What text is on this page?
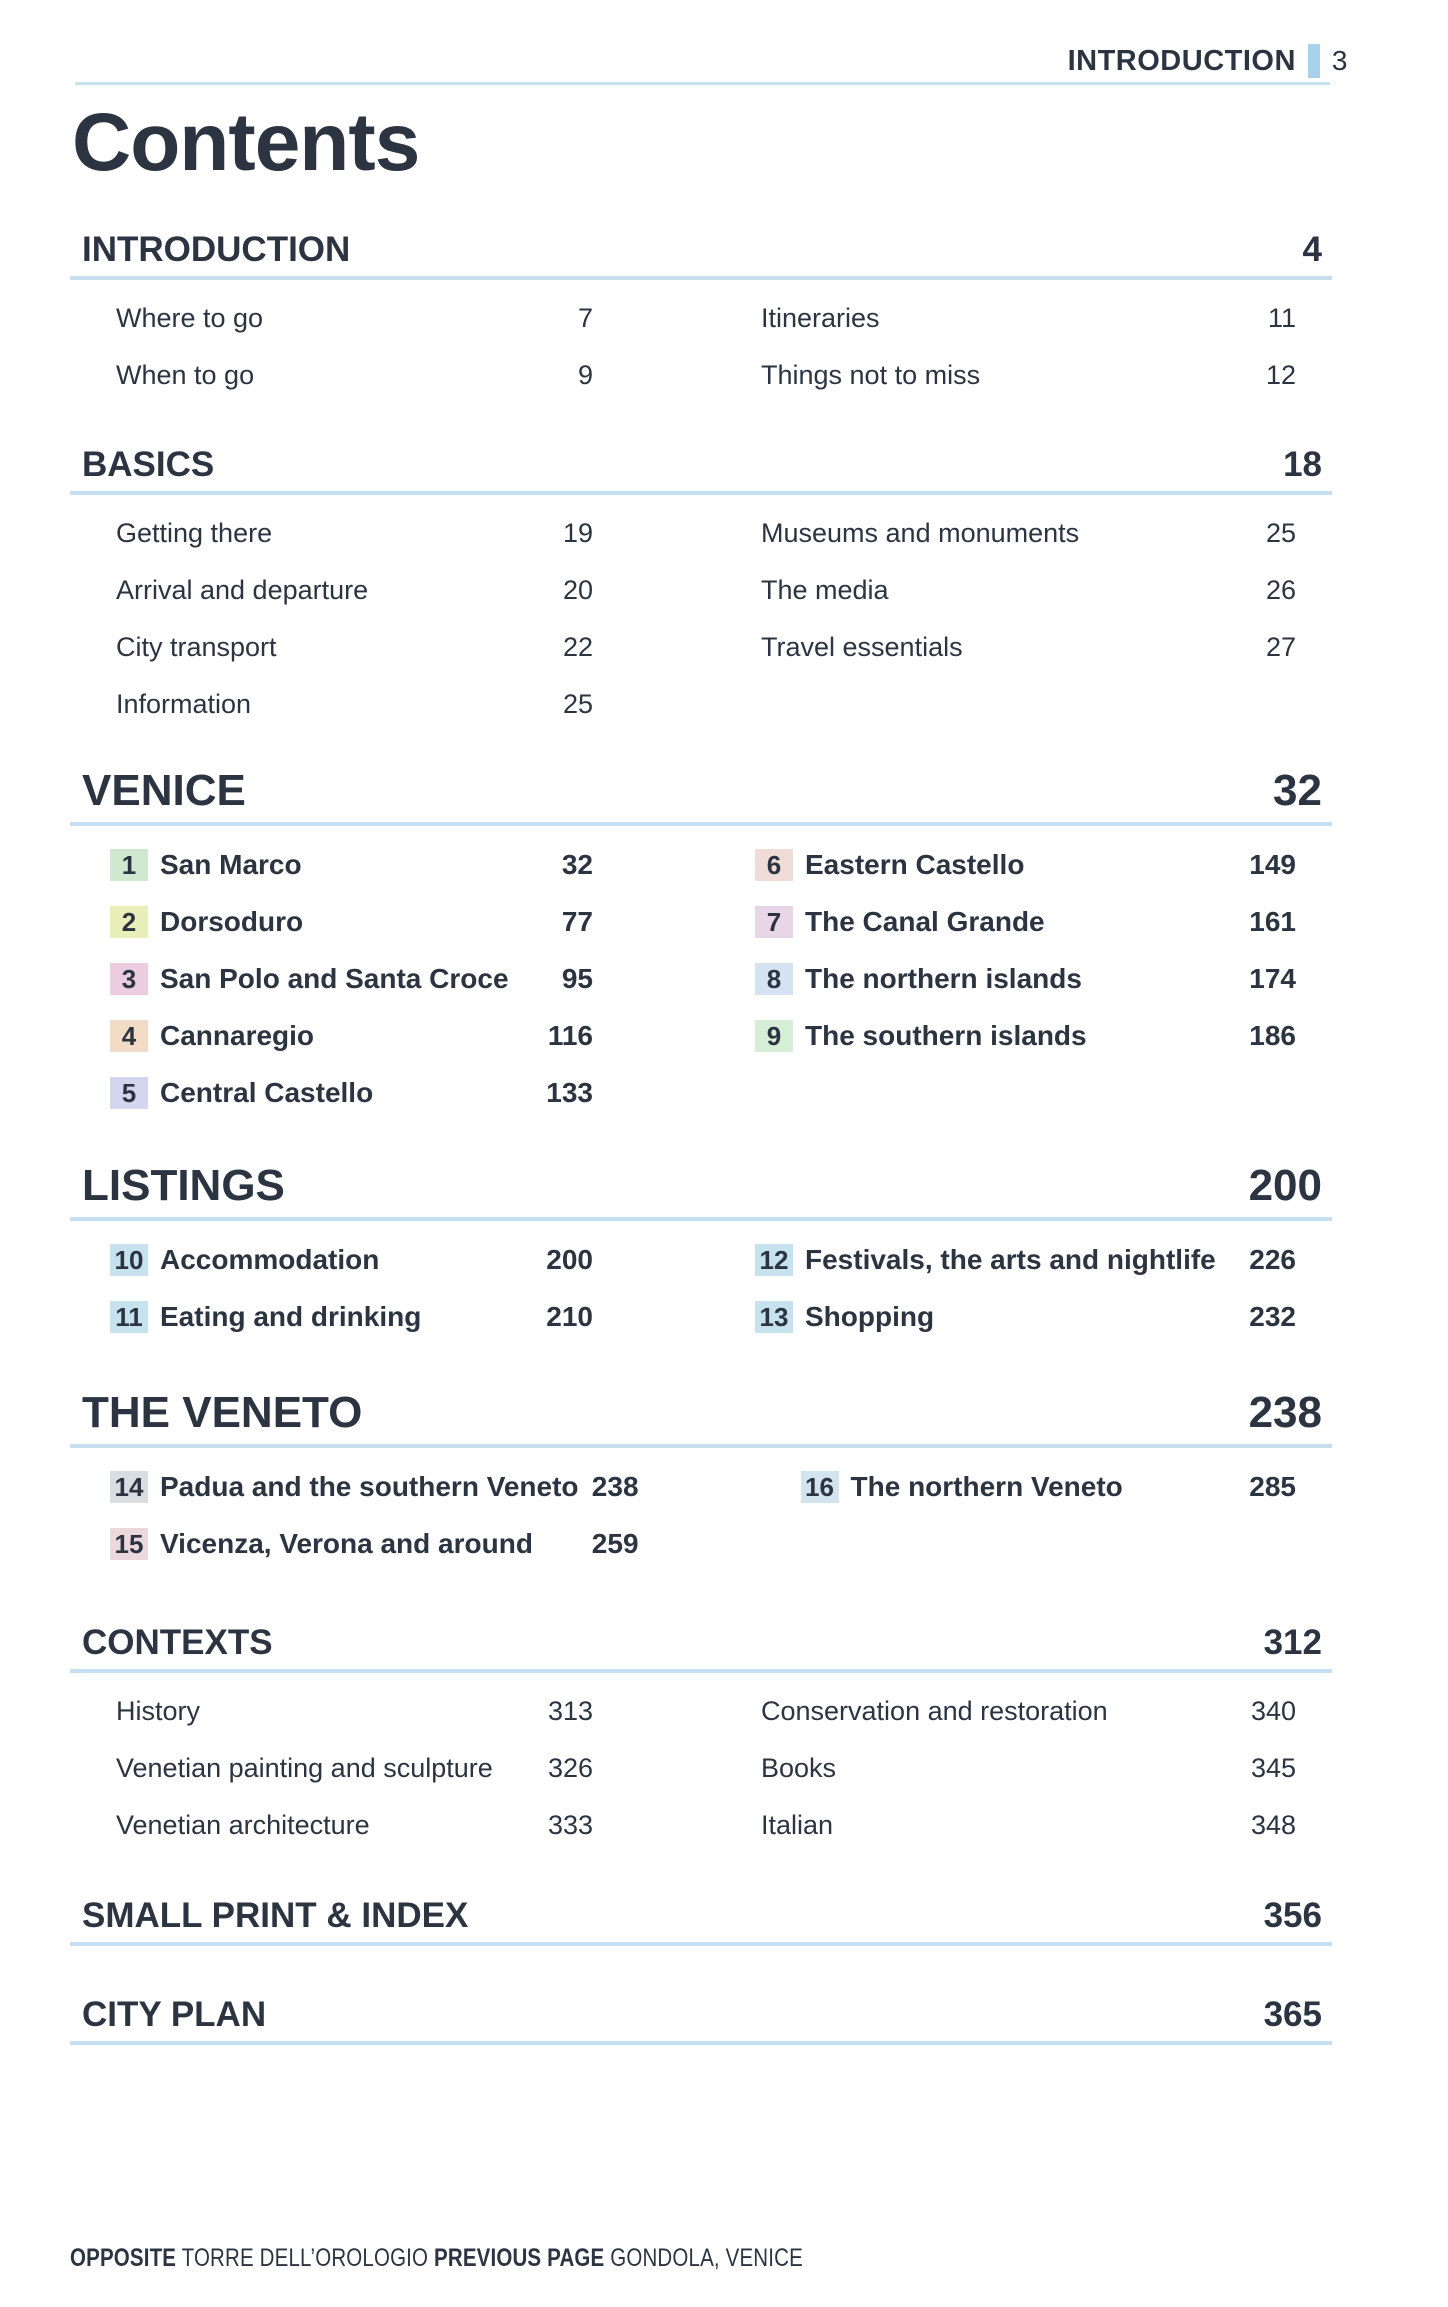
INTRODUCTION 3
Contents
INTRODUCTION	4
Where to go	7
When to go	9
Itineraries	11
Things not to miss	12
BASICS	18
Getting there	19
Arrival and departure	20
City transport	22
Information	25
Museums and monuments	25
The media	26
Travel essentials	27
VENICE	32
1 San Marco	32
2 Dorsoduro	77
3 San Polo and Santa Croce	95
4 Cannaregio	116
5 Central Castello	133
6 Eastern Castello	149
7 The Canal Grande	161
8 The northern islands	174
9 The southern islands	186
LISTINGS	200
10 Accommodation	200
11 Eating and drinking	210
12 Festivals, the arts and nightlife	226
13 Shopping	232
THE VENETO	238
14 Padua and the southern Veneto 238
15 Vicenza, Verona and around	259
16 The northern Veneto	285
CONTEXTS	312
History	313
Venetian painting and sculpture	326
Venetian architecture	333
Conservation and restoration	340
Books	345
Italian	348
SMALL PRINT & INDEX	356
CITY PLAN	365
OPPOSITE TORRE DELL’OROLOGIO PREVIOUS PAGE GONDOLA, VENICE
